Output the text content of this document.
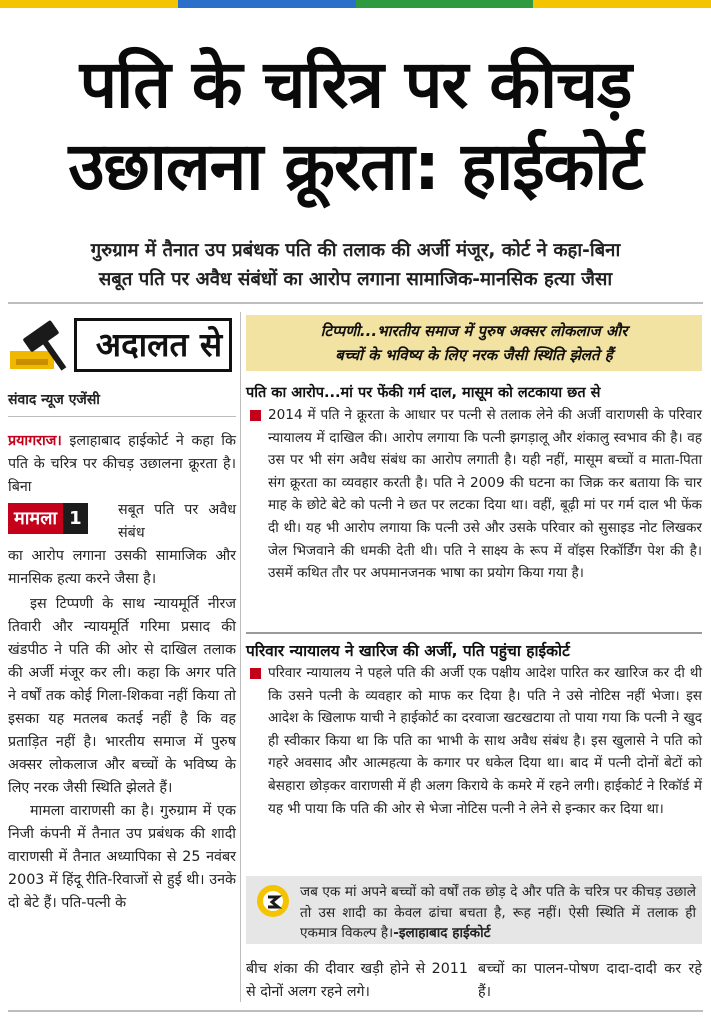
पति के चरित्र पर कीचड़
उछालना क्रूरता: हाईकोर्ट
गुरुग्राम में तैनात उप प्रबंधक पति की तलाक की अर्जी मंजूर, कोर्ट ने कहा-बिना
सबूत पति पर अवैध संबंधों का आरोप लगाना सामाजिक-मानसिक हत्या जैसा
अदालत से
संवाद न्यूज एजेंसी

प्रयागराज। इलाहाबाद हाईकोर्ट ने कहा कि पति के चरित्र पर कीचड़ उछालना क्रूरता है। बिना

मामला 1	सबूत पति पर अवैध संबंध

का आरोप लगाना उसकी सामाजिक और मानसिक हत्या करने जैसा है।

इस टिप्पणी के साथ न्यायमूर्ति नीरज तिवारी और न्यायमूर्ति गरिमा प्रसाद की खंडपीठ ने पति की ओर से दाखिल तलाक की अर्जी मंजूर कर ली। कहा कि अगर पति ने वर्षों तक कोई गिला-शिकवा नहीं किया तो इसका यह मतलब कतई नहीं है कि वह प्रताड़ित नहीं है। भारतीय समाज में पुरुष अक्सर लोकलाज और बच्चों के भविष्य के लिए नरक जैसी स्थिति झेलते हैं।

मामला वाराणसी का है। गुरुग्राम में एक निजी कंपनी में तैनात उप प्रबंधक की शादी वाराणसी में तैनात अध्यापिका से 25 नवंबर 2003 में हिंदू रीति-रिवाजों से हुई थी। उनके दो बेटे हैं। पति-पत्नी के

टिप्पणी...भारतीय समाज में पुरुष अक्सर लोकलाज और
बच्चों के भविष्य के लिए नरक जैसी स्थिति झेलते हैं
पति का आरोप...मां पर फेंकी गर्म दाल, मासूम को लटकाया छत से
2014 में पति ने क्रूरता के आधार पर पत्नी से तलाक लेने की अर्जी वाराणसी के परिवार न्यायालय में दाखिल की। आरोप लगाया कि पत्नी झगड़ालू और शंकालु स्वभाव की है। वह उस पर भी संग अवैध संबंध का आरोप लगाती है। यही नहीं, मासूम बच्चों व माता-पिता संग क्रूरता का व्यवहार करती है। पति ने 2009 की घटना का जिक्र कर बताया कि चार माह के छोटे बेटे को पत्नी ने छत पर लटका दिया था। वहीं, बूढ़ी मां पर गर्म दाल भी फेंक दी थी। यह भी आरोप लगाया कि पत्नी उसे और उसके परिवार को सुसाइड नोट लिखकर जेल भिजवाने की धमकी देती थी। पति ने साक्ष्य के रूप में वॉइस रिकॉर्डिंग पेश की है। उसमें कथित तौर पर अपमानजनक भाषा का प्रयोग किया गया है।
परिवार न्यायालय ने खारिज की अर्जी, पति पहुंचा हाईकोर्ट
परिवार न्यायालय ने पहले पति की अर्जी एक पक्षीय आदेश पारित कर खारिज कर दी थी कि उसने पत्नी के व्यवहार को माफ कर दिया है। पति ने उसे नोटिस नहीं भेजा। इस आदेश के खिलाफ याची ने हाईकोर्ट का दरवाजा खटखटाया तो पाया गया कि पत्नी ने खुद ही स्वीकार किया था कि पति का भाभी के साथ अवैध संबंध है। इस खुलासे ने पति को गहरे अवसाद और आत्महत्या के कगार पर धकेल दिया था। बाद में पत्नी दोनों बेटों को बेसहारा छोड़कर वाराणसी में ही अलग किराये के कमरे में रहने लगी। हाईकोर्ट ने रिकॉर्ड में यह भी पाया कि पति की ओर से भेजा नोटिस पत्नी ने लेने से इन्कार कर दिया था।
जब एक मां अपने बच्चों को वर्षों तक छोड़ दे और पति के चरित्र पर कीचड़ उछाले तो उस शादी का केवल ढांचा बचता है, रूह नहीं। ऐसी स्थिति में तलाक ही एकमात्र विकल्प है।-इलाहाबाद हाईकोर्ट
बीच शंका की दीवार खड़ी होने से 2011 से दोनों अलग रहने लगे।
बच्चों का पालन-पोषण दादा-दादी कर रहे हैं।
